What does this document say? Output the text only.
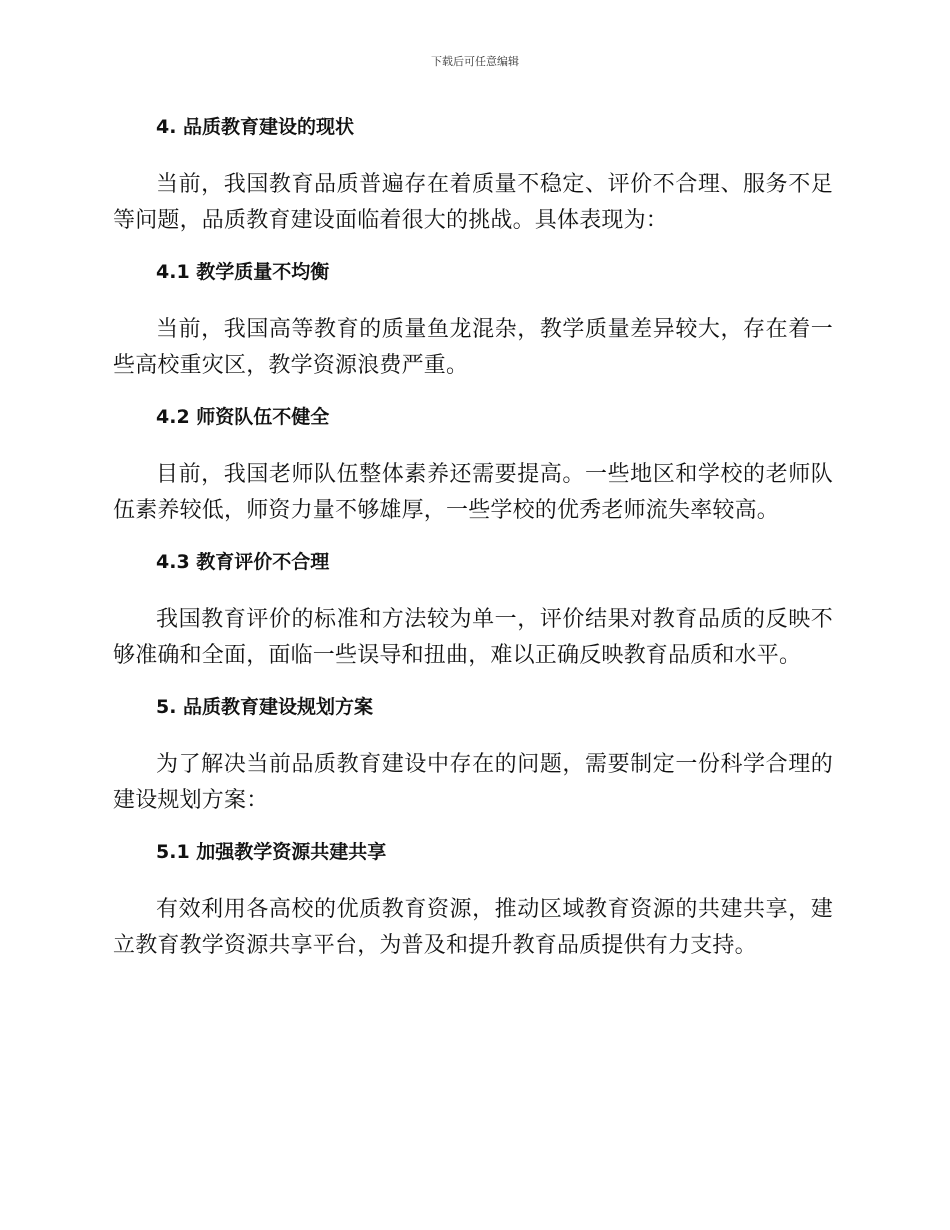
下载后可任意编辑
4. 品质教育建设的现状

当前，我国教育品质普遍存在着质量不稳定、评价不合理、服务不足等问题，品质教育建设面临着很大的挑战。具体表现为：

4.1 教学质量不均衡

当前，我国高等教育的质量鱼龙混杂，教学质量差异较大，存在着一些高校重灾区，教学资源浪费严重。

4.2 师资队伍不健全

目前，我国老师队伍整体素养还需要提高。一些地区和学校的老师队伍素养较低，师资力量不够雄厚，一些学校的优秀老师流失率较高。

4.3 教育评价不合理

我国教育评价的标准和方法较为单一，评价结果对教育品质的反映不够准确和全面，面临一些误导和扭曲，难以正确反映教育品质和水平。

5. 品质教育建设规划方案

为了解决当前品质教育建设中存在的问题，需要制定一份科学合理的建设规划方案：

5.1 加强教学资源共建共享

有效利用各高校的优质教育资源，推动区域教育资源的共建共享，建立教育教学资源共享平台，为普及和提升教育品质提供有力支持。
